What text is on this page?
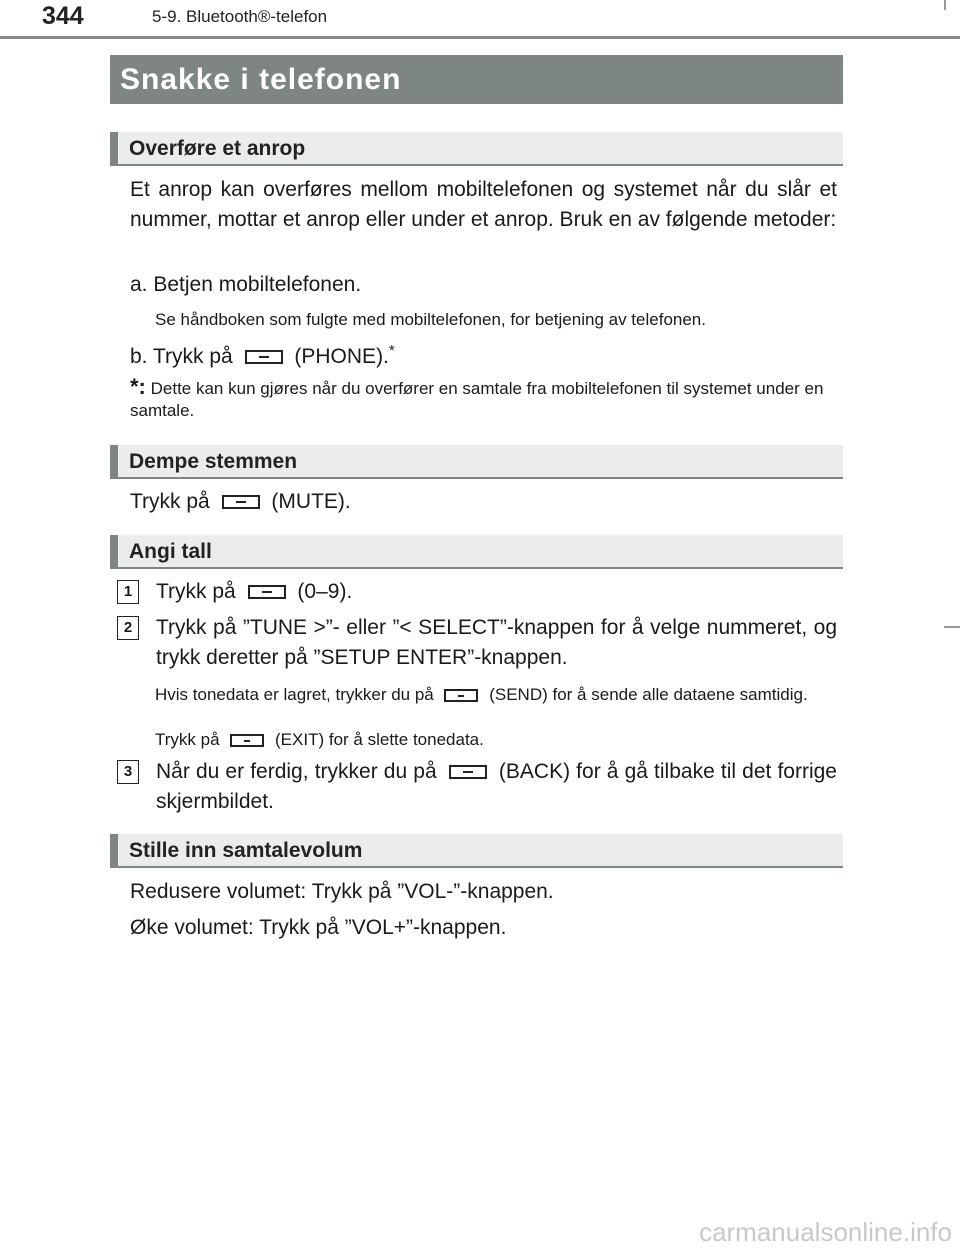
344	5-9. Bluetooth®-telefon
Snakke i telefonen
Overføre et anrop

Et anrop kan overføres mellom mobiltelefonen og systemet når du slår et nummer, mottar et anrop eller under et anrop. Bruk en av følgende metoder:

a. Betjen mobiltelefonen.

Se håndboken som fulgte med mobiltelefonen, for betjening av telefonen.

b. Trykk på	(PHONE).*

*: Dette kan kun gjøres når du overfører en samtale fra mobiltelefonen til systemet under en samtale.
Dempe stemmen

Trykk på	(MUTE).

Angi tall
1	Trykk på	(0–9).

2	Trykk på ”TUNE >”- eller ”< SELECT”-knappen for å velge nummeret, og trykk deretter på ”SETUP ENTER”-knappen.

Hvis tonedata er lagret, trykker du på	(SEND) for å sende alle dataene samtidig.

Trykk på	(EXIT) for å slette tonedata.

3	Når du er ferdig, trykker du på	(BACK) for å gå tilbake til det forrige skjermbildet.

Stille inn samtalevolum

Redusere volumet: Trykk på ”VOL-”-knappen.

Øke volumet: Trykk på ”VOL+”-knappen.

carmanualsonline.info
